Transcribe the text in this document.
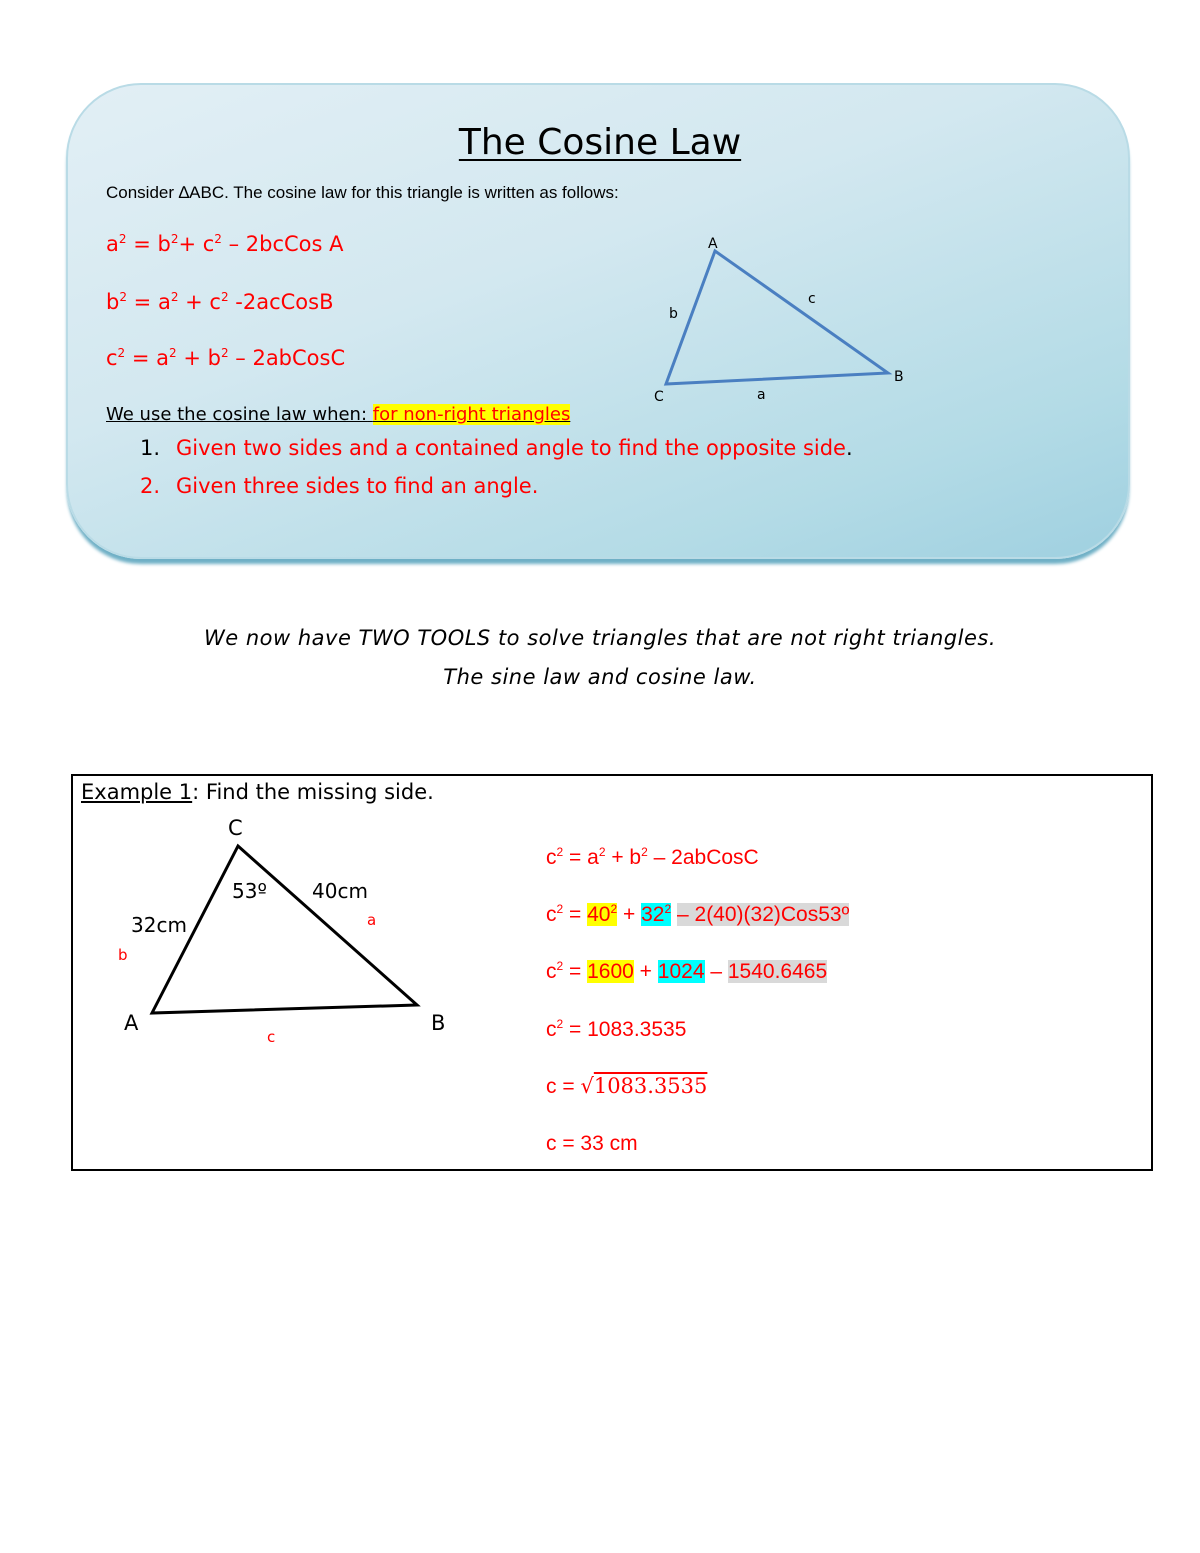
The Cosine Law
Consider ∆ABC. The cosine law for this triangle is written as follows:
$a^2 = b^2+ c^2$ – 2bcCos A
$b^2 = a^2 + c^2$ -2acCosB
$c^2 = a^2 + b^2$ – 2abCosC
A
B
C
b
c
a
We use the cosine law when: for non-right triangles
1. Given two sides and a contained angle to find the opposite side.
2. Given three sides to find an angle.
We now have TWO TOOLS to solve triangles that are not right triangles.
The sine law and cosine law.
Example 1: Find the missing side.
C
A	B
53º 40cm
32cm	a
b
c
$c^2 = a^2 + b^2$ – 2abCosC
$c^2 = 40^2 + 32^2$ – 2(40)(32)Cos53º
$c^2 = 1600 + 1024 - 1540.6465$
$c^2 = 1083.3535$
c = √1083.3535
c = 33 cm
